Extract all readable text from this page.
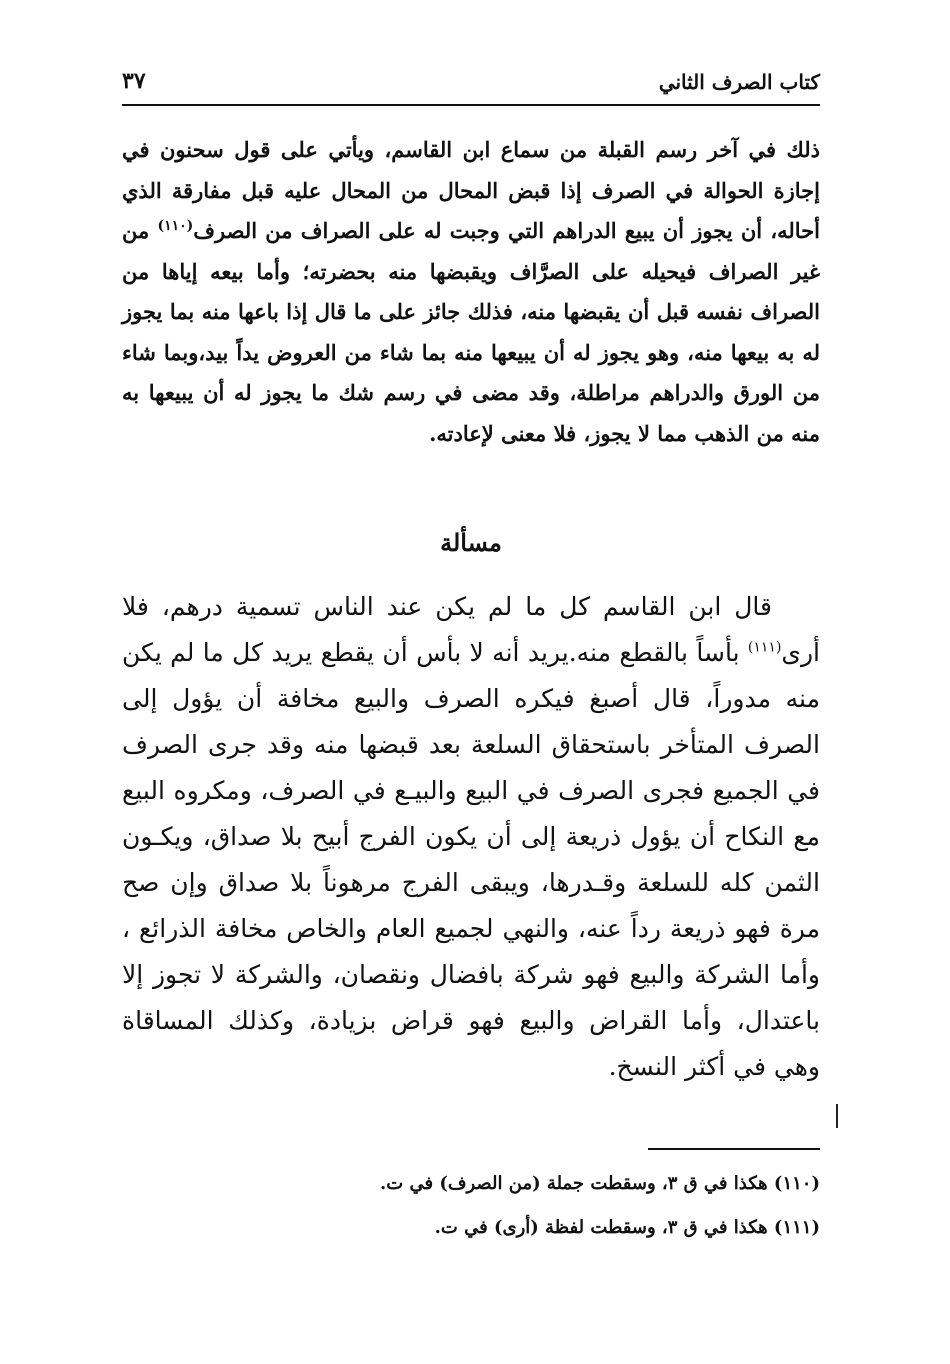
كتاب الصرف الثاني
٣٧

ذلك في آخر رسم القبلة من سماع ابن القاسم، ويأتي على قول سحنون في إجازة الحوالة في الصرف إذا قبض المحال من المحال عليه قبل مفارقة الذي أحاله، أن يجوز أن يبيع الدراهم التي وجبت له على الصراف من الصرف$^{(١١٠)}$ من غير الصراف فيحيله على الصرَّاف ويقبضها منه بحضرته؛ وأما بيعه إياها من الصراف نفسه قبل أن يقبضها منه، فذلك جائز على ما قال إذا باعها منه بما يجوز له به بيعها منه، وهو يجوز له أن يبيعها منه بما شاء من العروض يداً بيد،وبما شاء من الورق والدراهم مراطلة، وقد مضى في رسم شك ما يجوز له أن يبيعها به منه من الذهب مما لا يجوز، فلا معنى لإعادته.

مسألة

قال ابن القاسم كل ما لم يكن عند الناس تسمية درهم، فلا أرى$^{(١١١)}$ بأساً بالقطع منه.يريد أنه لا بأس أن يقطع يريد كل ما لم يكن منه مدوراً، قال أصبغ فيكره الصرف والبيع مخافة أن يؤول إلى الصرف المتأخر باستحقاق السلعة بعد قبضها منه وقد جرى الصرف في الجميع فجرى الصرف في البيع والبيـع في الصرف، ومكروه البيع مع النكاح أن يؤول ذريعة إلى أن يكون الفرج أبيح بلا صداق، ويكـون الثمن كله للسلعة وقـدرها، ويبقى الفرج مرهوناً بلا صداق وإن صح مرة فهو ذريعة رداً عنه، والنهي لجميع العام والخاص مخافة الذرائع ، وأما الشركة والبيع فهو شركة بافضال ونقصان، والشركة لا تجوز إلا باعتدال، وأما القراض والبيع فهو قراض بزيادة، وكذلك المساقاة وهي في أكثر النسخ.

(١١٠) هكذا في ق ٣، وسقطت جملة (من الصرف) في ت.

(١١١) هكذا في ق ٣، وسقطت لفظة (أرى) في ت.
